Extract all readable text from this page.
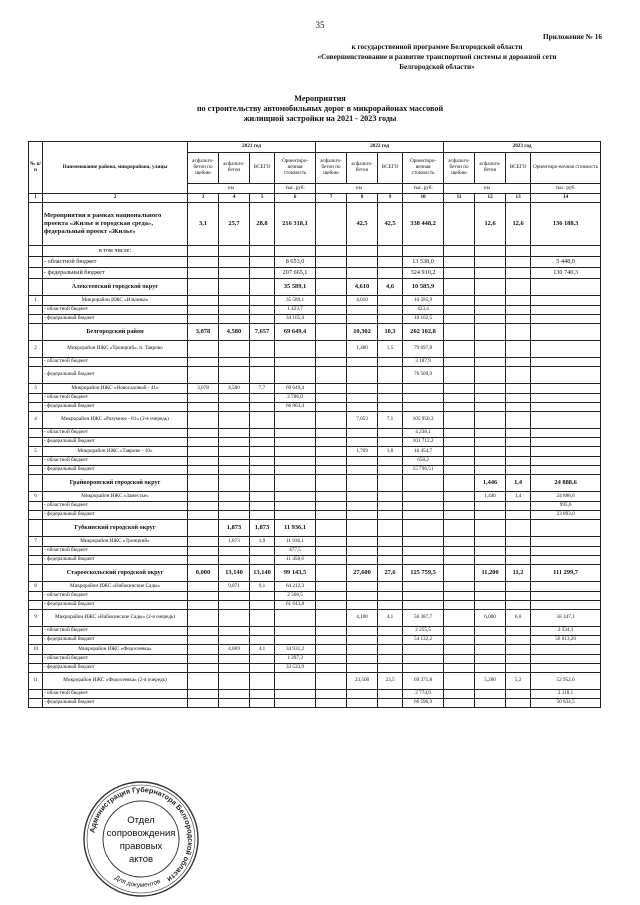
35
Приложение № 16
к государственной программе Белгородской области
«Совершенствование и развитие транспортной системы и дорожной сети
Белгородской области»
Мероприятия
по строительству автомобильных дорог в микрорайонах массовой
жилищной застройки на 2021 - 2023 годы
№ п/п	Наименование района, микрорайона, улицы	2021 год				2022 год				2023 год			
		асфальто-бетон по щебню	асфальто-бетон	ВСЕГО	Ориентиро-вочная стоимость	асфальто-бетон по щебню	асфальто-бетон	ВСЕГО	Ориентиро-вочная стоимость	асфальто-бетон по щебню	асфальто-бетон	ВСЕГО	Ориентиро-вочная стоимость
		км			тыс. руб.	км			тыс. руб.	км			тыс. руб.
1	2	3	4	5	6	7	8	9	10	11	12	13	14
	Мероприятия в рамках национального проекта «Жилье и городская среда», федеральный проект «Жилье»	3,1	25,7	28,8	216 318,1		42,5	42,5	338 448,2		12,6	12,6	136 188,3
	в том числе:												
	- областной бюджет				8 653,0				13 538,0				5 448,0
	- федеральный бюджет				207 665,1				324 910,2				130 740,3
	Алексеевский городской округ				35 589,1		4,610	4,6	10 585,9				
1	Микрорайон ИЖС «Ильинка»				35 589,1		4,610		10 585,9				
	- областной бюджет				1 423,7				423,4				
	- федеральный бюджет				34 165,4				10 162,5				
	Белгородский район	3,078	4,580	7,657	69 649,4		10,302	10,3	202 102,8				
2	Микрорайон ИЖС «Троицкий», п. Таврово						1,480	1,5	79 697,8				
	- областной бюджет								3 187,9				
	- федеральный бюджет								76 509,9				
3	Микрорайон ИЖС «Новосадовый - 41»	3,078	4,580	7,7	69 649,4								
	- областной бюджет				2 786,0								
	- федеральный бюджет				66 863,4								
4	Микрорайон ИЖС «Разумное - 81» (2-я очередь)						7,053	7,1	105 950,3				
	- областной бюджет								4 238,1				
	- федеральный бюджет								101 712,2				
5	Микрорайон ИЖС «Таврово - 10»						1,769	1,8	16 454,7				
	- областной бюджет								658,2				
	- федеральный бюджет								15 796,51				
	Грайворонский городской округ										1,446	1,4	24 888,6
6	Микрорайон ИЖС «Заместье»										1,446	1,4	24 888,6
	- областной бюджет												995,6
	- федеральный бюджет												23 893,0
	Губкинский городской округ		1,873	1,873	11 936,1								
7	Микрорайон ИЖС «Троицкий»		1,873	1,9	11 936,1								
	- областной бюджет				477,5								
	- федеральный бюджет				11 458,6								
	Старооскольский городской округ	0,000	13,140	13,140	99 143,5		27,600	27,6	125 759,5		11,200	11,2	111 299,7
8	Микрорайон ИЖС «Набокинские Сады»		9,071	9,1	64 212,3								
	- областной бюджет				2 568,5								
	- федеральный бюджет				61 643,8								
9	Микрорайон ИЖС «Набокинские Сады» (2-я очередь)						4,100	4,1	56 387,7		6,000	6,0	58 347,1
	- областной бюджет								2 255,5				2 334,1
	- федеральный бюджет								54 132,2				56 013,20
10	Микрорайон ИЖС «Федосеевка»		4,069	4,1	34 931,2								
	- областной бюджет				1 397,3								
	- федеральный бюджет				33 533,9								
11	Микрорайон ИЖС «Федосеевка» (2-я очередь)						23,500	23,5	69 371,8		5,200	5,2	52 952,6
	- областной бюджет								2 774,9				2 118,1
	- федеральный бюджет								66 596,9				50 834,5
Администрация Губернатора Белгородской области
Для документов
Отдел
сопровождения
правовых
актов
